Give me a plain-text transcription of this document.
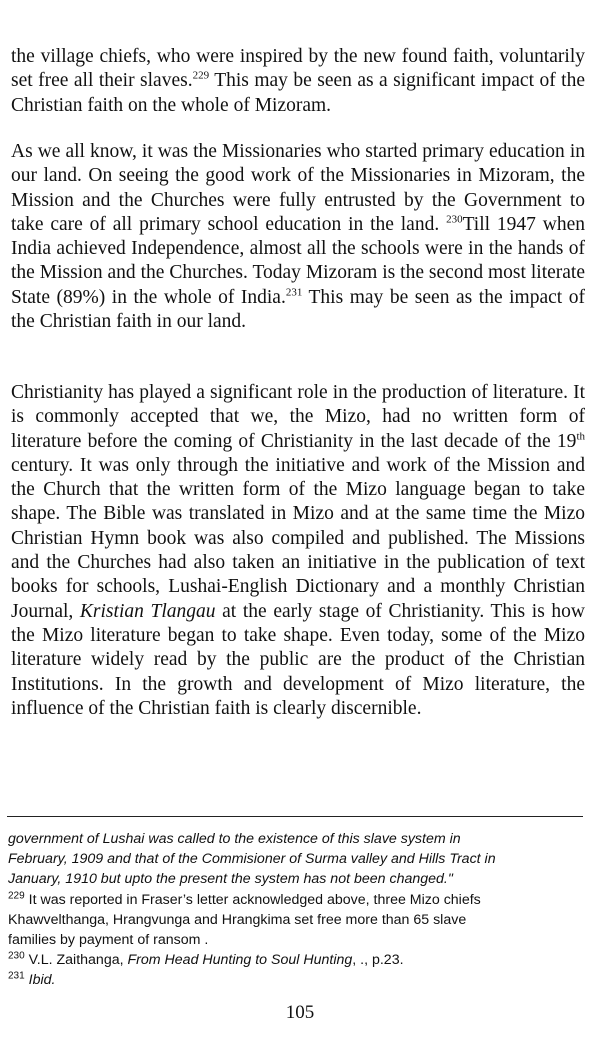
the village chiefs, who were inspired by the new found faith, voluntarily set free all their slaves.$^{229}$ This may be seen as a significant impact of the Christian faith on the whole of Mizoram.

As we all know, it was the Missionaries who started primary education in our land. On seeing the good work of the Missionaries in Mizoram, the Mission and the Churches were fully entrusted by the Government to take care of all primary school education in the land. $^{230}$Till 1947 when India achieved Independence, almost all the schools were in the hands of the Mission and the Churches. Today Mizoram is the second most literate State (89%) in the whole of India.$^{231}$ This may be seen as the impact of the Christian faith in our land.

Christianity has played a significant role in the production of literature. It is commonly accepted that we, the Mizo, had no written form of literature before the coming of Christianity in the last decade of the 19th century. It was only through the initiative and work of the Mission and the Church that the written form of the Mizo language began to take shape. The Bible was translated in Mizo and at the same time the Mizo Christian Hymn book was also compiled and published. The Missions and the Churches had also taken an initiative in the publication of text books for schools, Lushai-English Dictionary and a monthly Christian Journal, Kristian Tlangau at the early stage of Christianity. This is how the Mizo literature began to take shape. Even today, some of the Mizo literature widely read by the public are the product of the Christian Institutions. In the growth and development of Mizo literature, the influence of the Christian faith is clearly discernible.

government of Lushai was called to the existence of this slave system in
February, 1909 and that of the Commisioner of Surma valley and Hills Tract in
January, 1910 but upto the present the system has not been changed."
$^{229}$ It was reported in Fraser’s letter acknowledged above, three Mizo chiefs
Khawvelthanga, Hrangvunga and Hrangkima set free more than 65 slave
families by payment of ransom .
$^{230}$ V.L. Zaithanga, From Head Hunting to Soul Hunting, ., p.23.
$^{231}$ Ibid.
105
